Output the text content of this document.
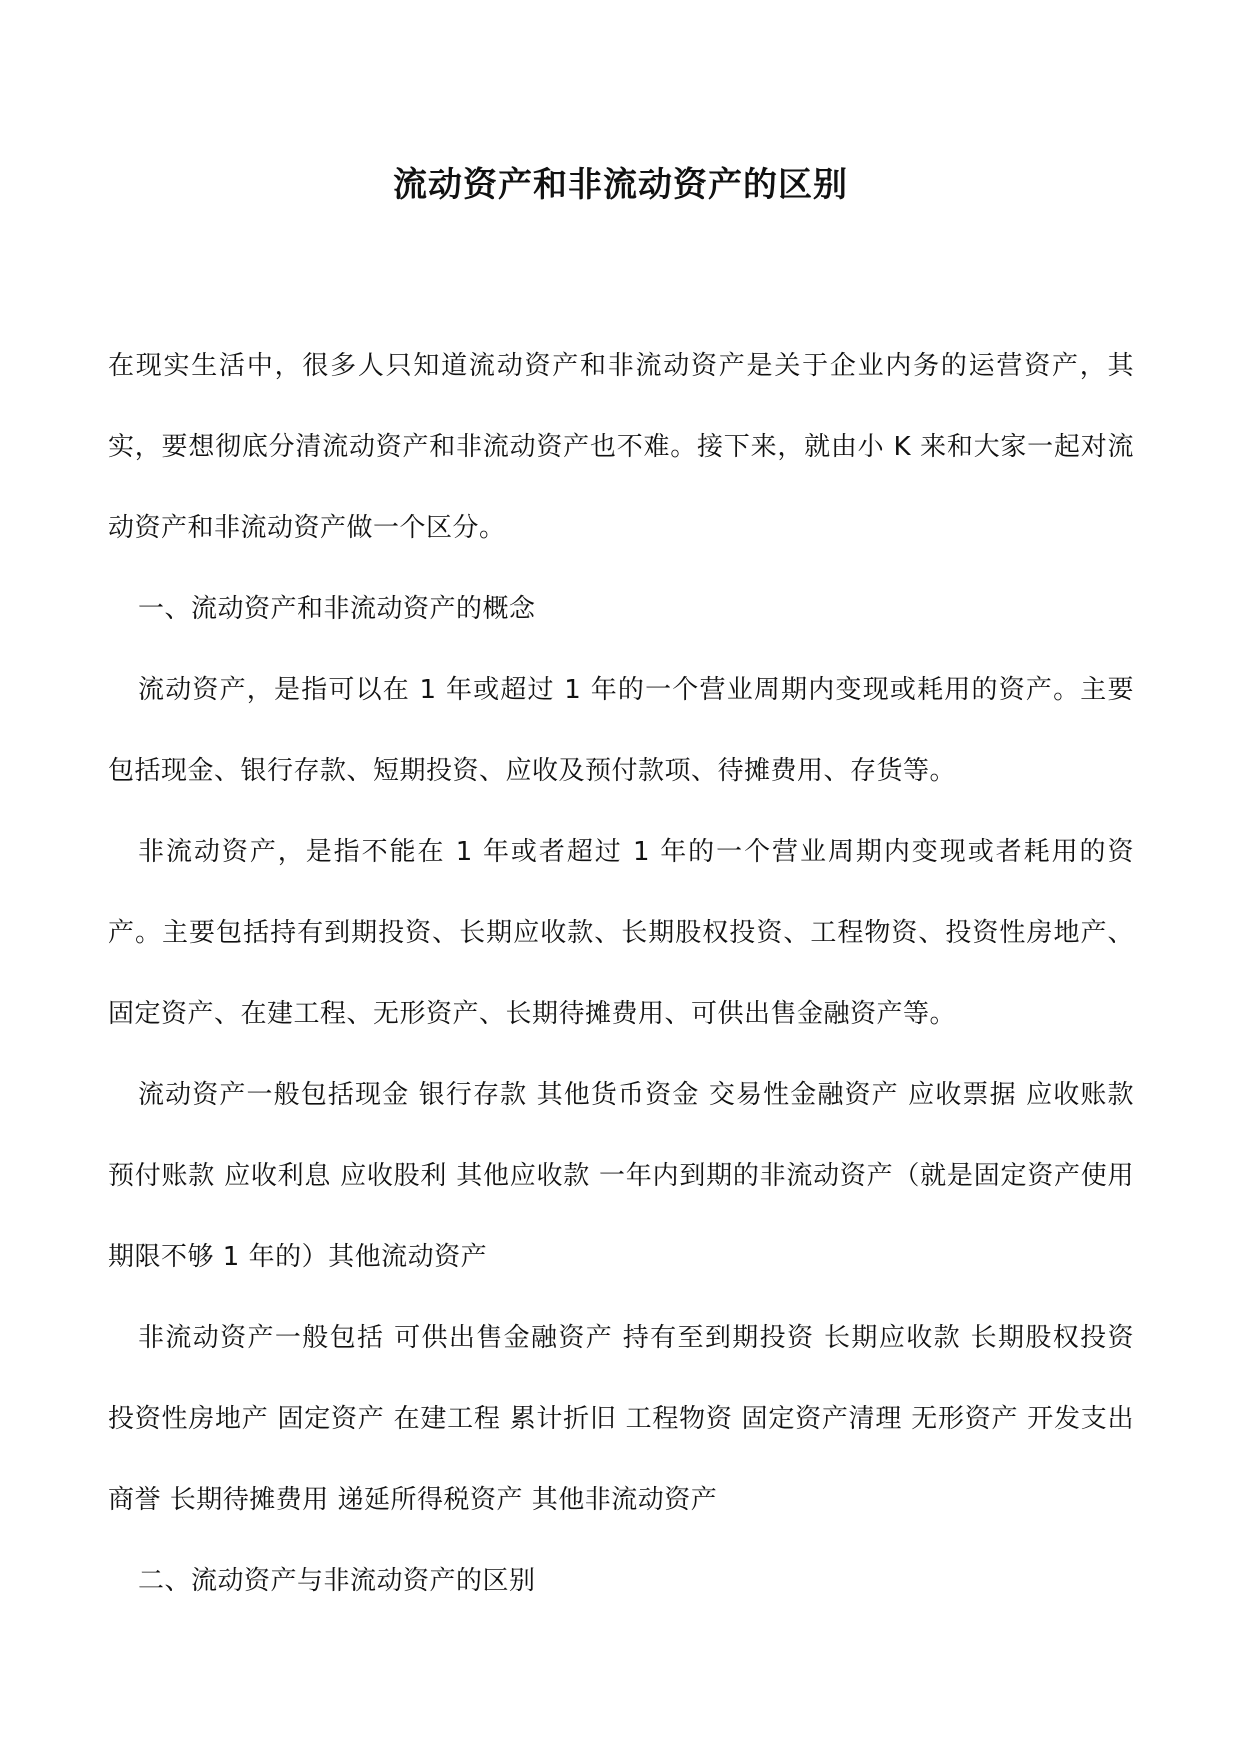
流动资产和非流动资产的区别

在现实生活中，很多人只知道流动资产和非流动资产是关于企业内务的运营资产，其实，要想彻底分清流动资产和非流动资产也不难。接下来，就由小 K 来和大家一起对流动资产和非流动资产做一个区分。

一、流动资产和非流动资产的概念

流动资产，是指可以在 1 年或超过 1 年的一个营业周期内变现或耗用的资产。主要包括现金、银行存款、短期投资、应收及预付款项、待摊费用、存货等。

非流动资产，是指不能在 1 年或者超过 1 年的一个营业周期内变现或者耗用的资产。主要包括持有到期投资、长期应收款、长期股权投资、工程物资、投资性房地产、固定资产、在建工程、无形资产、长期待摊费用、可供出售金融资产等。

流动资产一般包括现金 银行存款 其他货币资金 交易性金融资产 应收票据 应收账款 预付账款 应收利息 应收股利 其他应收款 一年内到期的非流动资产（就是固定资产使用期限不够 1 年的）其他流动资产

非流动资产一般包括 可供出售金融资产 持有至到期投资 长期应收款 长期股权投资 投资性房地产 固定资产 在建工程 累计折旧 工程物资 固定资产清理 无形资产 开发支出 商誉 长期待摊费用 递延所得税资产 其他非流动资产

二、流动资产与非流动资产的区别
